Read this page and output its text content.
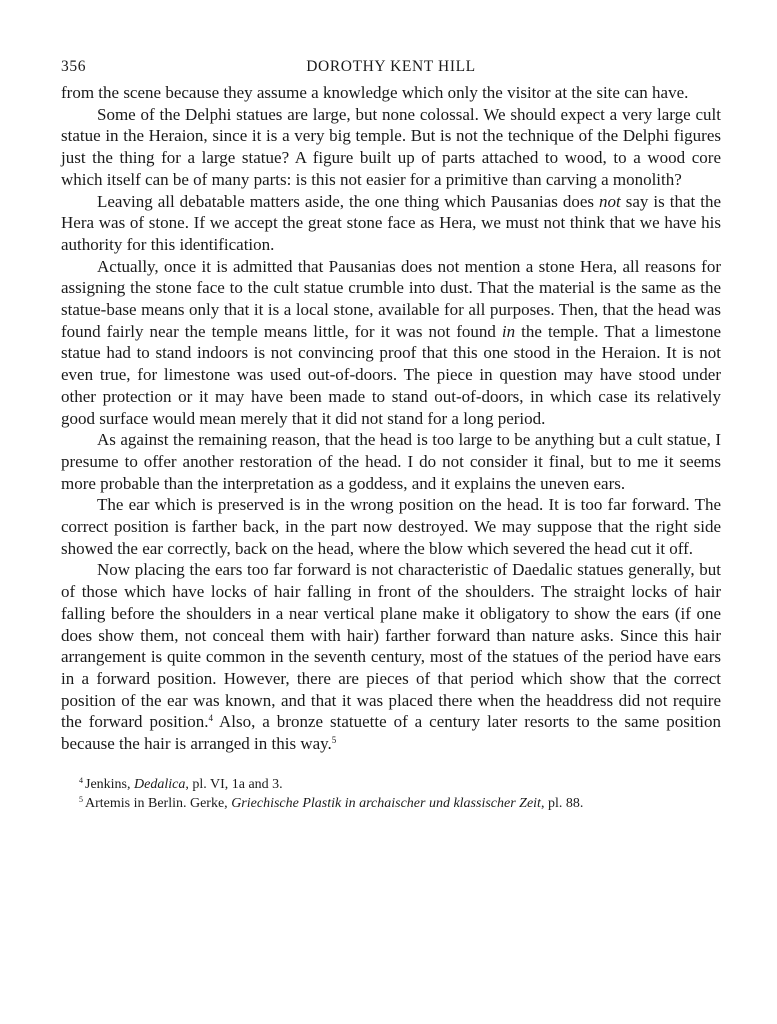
356	DOROTHY KENT HILL

from the scene because they assume a knowledge which only the visitor at the site can have.

Some of the Delphi statues are large, but none colossal. We should expect a very large cult statue in the Heraion, since it is a very big temple. But is not the technique of the Delphi figures just the thing for a large statue? A figure built up of parts attached to wood, to a wood core which itself can be of many parts: is this not easier for a primitive than carving a monolith?

Leaving all debatable matters aside, the one thing which Pausanias does not say is that the Hera was of stone. If we accept the great stone face as Hera, we must not think that we have his authority for this identification.

Actually, once it is admitted that Pausanias does not mention a stone Hera, all reasons for assigning the stone face to the cult statue crumble into dust. That the material is the same as the statue-base means only that it is a local stone, available for all purposes. Then, that the head was found fairly near the temple means little, for it was not found in the temple. That a limestone statue had to stand indoors is not convincing proof that this one stood in the Heraion. It is not even true, for limestone was used out-of-doors. The piece in question may have stood under other protection or it may have been made to stand out-of-doors, in which case its relatively good surface would mean merely that it did not stand for a long period.

As against the remaining reason, that the head is too large to be anything but a cult statue, I presume to offer another restoration of the head. I do not consider it final, but to me it seems more probable than the interpretation as a goddess, and it explains the uneven ears.

The ear which is preserved is in the wrong position on the head. It is too far forward. The correct position is farther back, in the part now destroyed. We may suppose that the right side showed the ear correctly, back on the head, where the blow which severed the head cut it off.

Now placing the ears too far forward is not characteristic of Daedalic statues generally, but of those which have locks of hair falling in front of the shoulders. The straight locks of hair falling before the shoulders in a near vertical plane make it obligatory to show the ears (if one does show them, not conceal them with hair) farther forward than nature asks. Since this hair arrangement is quite common in the seventh century, most of the statues of the period have ears in a forward position. However, there are pieces of that period which show that the correct position of the ear was known, and that it was placed there when the headdress did not require the forward position.$^4$ Also, a bronze statuette of a century later resorts to the same position because the hair is arranged in this way.$^5$

$^4$ Jenkins, Dedalica, pl. VI, 1a and 3.
$^5$ Artemis in Berlin. Gerke, Griechische Plastik in archaischer und klassischer Zeit, pl. 88.
